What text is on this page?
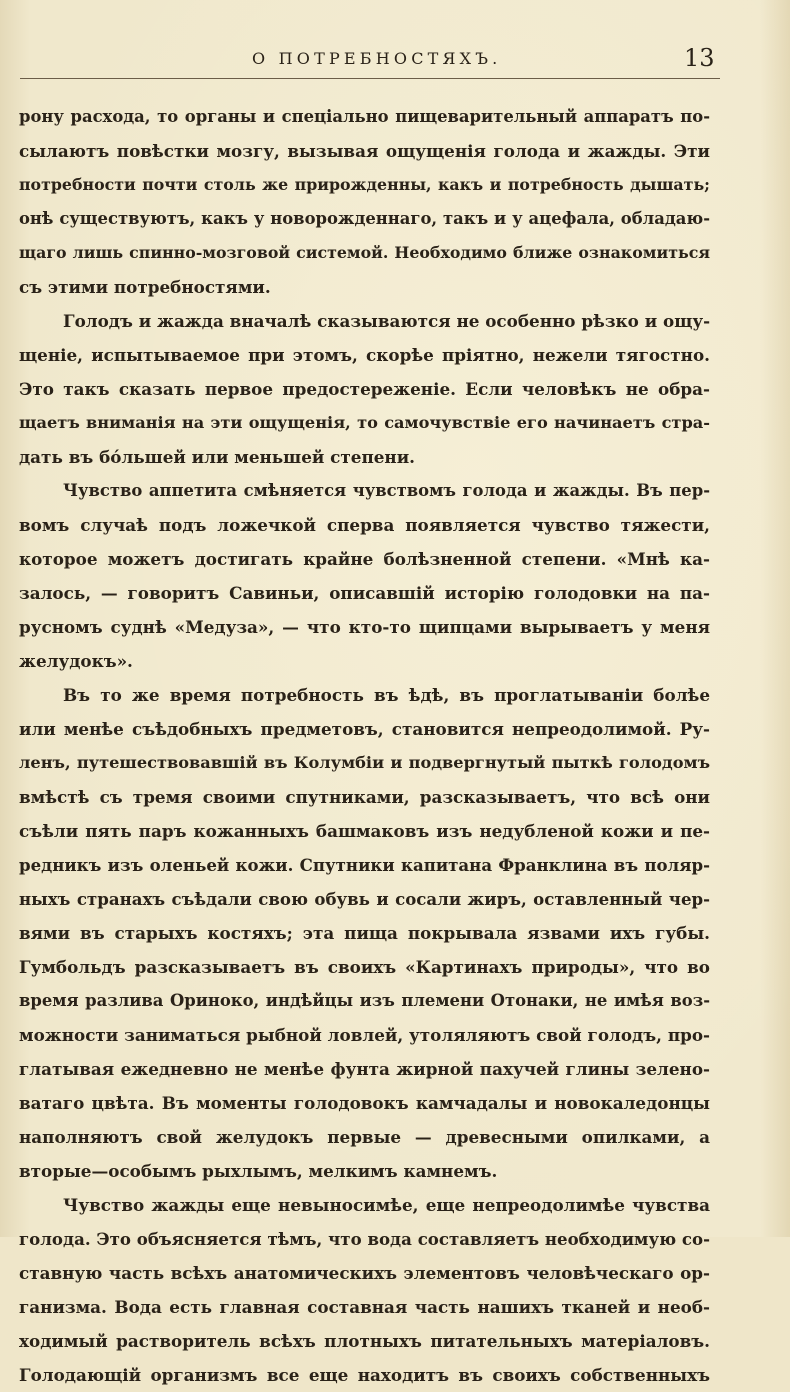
О ПОТРЕБНОСТЯХЪ.	13
рону расхода, то органы и спеціально пищеварительный аппаратъ по-
сылаютъ повѣстки мозгу, вызывая ощущенія голода и жажды. Эти
потребности почти столь же прирожденны, какъ и потребность дышать;
онѣ существуютъ, какъ у новорожденнаго, такъ и у ацефала, обладаю-
щаго лишь спинно-мозговой системой. Необходимо ближе ознакомиться
съ этими потребностями.
Голодъ и жажда вначалѣ сказываются не особенно рѣзко и ощу-
щеніе, испытываемое при этомъ, скорѣе пріятно, нежели тягостно.
Это такъ сказать первое предостереженіе. Если человѣкъ не обра-
щаетъ вниманія на эти ощущенія, то самочувствіе его начинаетъ стра-
дать въ бо́льшей или меньшей степени.
Чувство аппетита смѣняется чувствомъ голода и жажды. Въ пер-
вомъ случаѣ подъ ложечкой сперва появляется чувство тяжести,
которое можетъ достигать крайне болѣзненной степени. «Мнѣ ка-
залось, — говоритъ Савиньи, описавшій исторію голодовки на па-
русномъ суднѣ «Медуза», — что кто-то щипцами вырываетъ у меня
желудокъ».
Въ то же время потребность въ ѣдѣ, въ проглатываніи болѣе
или менѣе съѣдобныхъ предметовъ, становится непреодолимой. Ру-
ленъ, путешествовавшій въ Колумбіи и подвергнутый пыткѣ голодомъ
вмѣстѣ съ тремя своими спутниками, разсказываетъ, что всѣ они
съѣли пять паръ кожанныхъ башмаковъ изъ недубленой кожи и пе-
редникъ изъ оленьей кожи. Спутники капитана Франклина въ поляр-
ныхъ странахъ съѣдали свою обувь и сосали жиръ, оставленный чер-
вями въ старыхъ костяхъ; эта пища покрывала язвами ихъ губы.
Гумбольдъ разсказываетъ въ своихъ «Картинахъ природы», что во
время разлива Ориноко, индѣйцы изъ племени Отонаки, не имѣя воз-
можности заниматься рыбной ловлей, утоляляютъ свой голодъ, про-
глатывая ежедневно не менѣе фунта жирной пахучей глины зелено-
ватаго цвѣта. Въ моменты голодовокъ камчадалы и новокаледонцы
наполняютъ свой желудокъ первые — древесными опилками, а
вторые—особымъ рыхлымъ, мелкимъ камнемъ.
Чувство жажды еще невыносимѣе, еще непреодолимѣе чувства
голода. Это объясняется тѣмъ, что вода составляетъ необходимую со-
ставную часть всѣхъ анатомическихъ элементовъ человѣческаго ор-
ганизма. Вода есть главная составная часть нашихъ тканей и необ-
ходимый растворитель всѣхъ плотныхъ питательныхъ матеріаловъ.
Голодающій организмъ все еще находитъ въ своихъ собственныхъ
